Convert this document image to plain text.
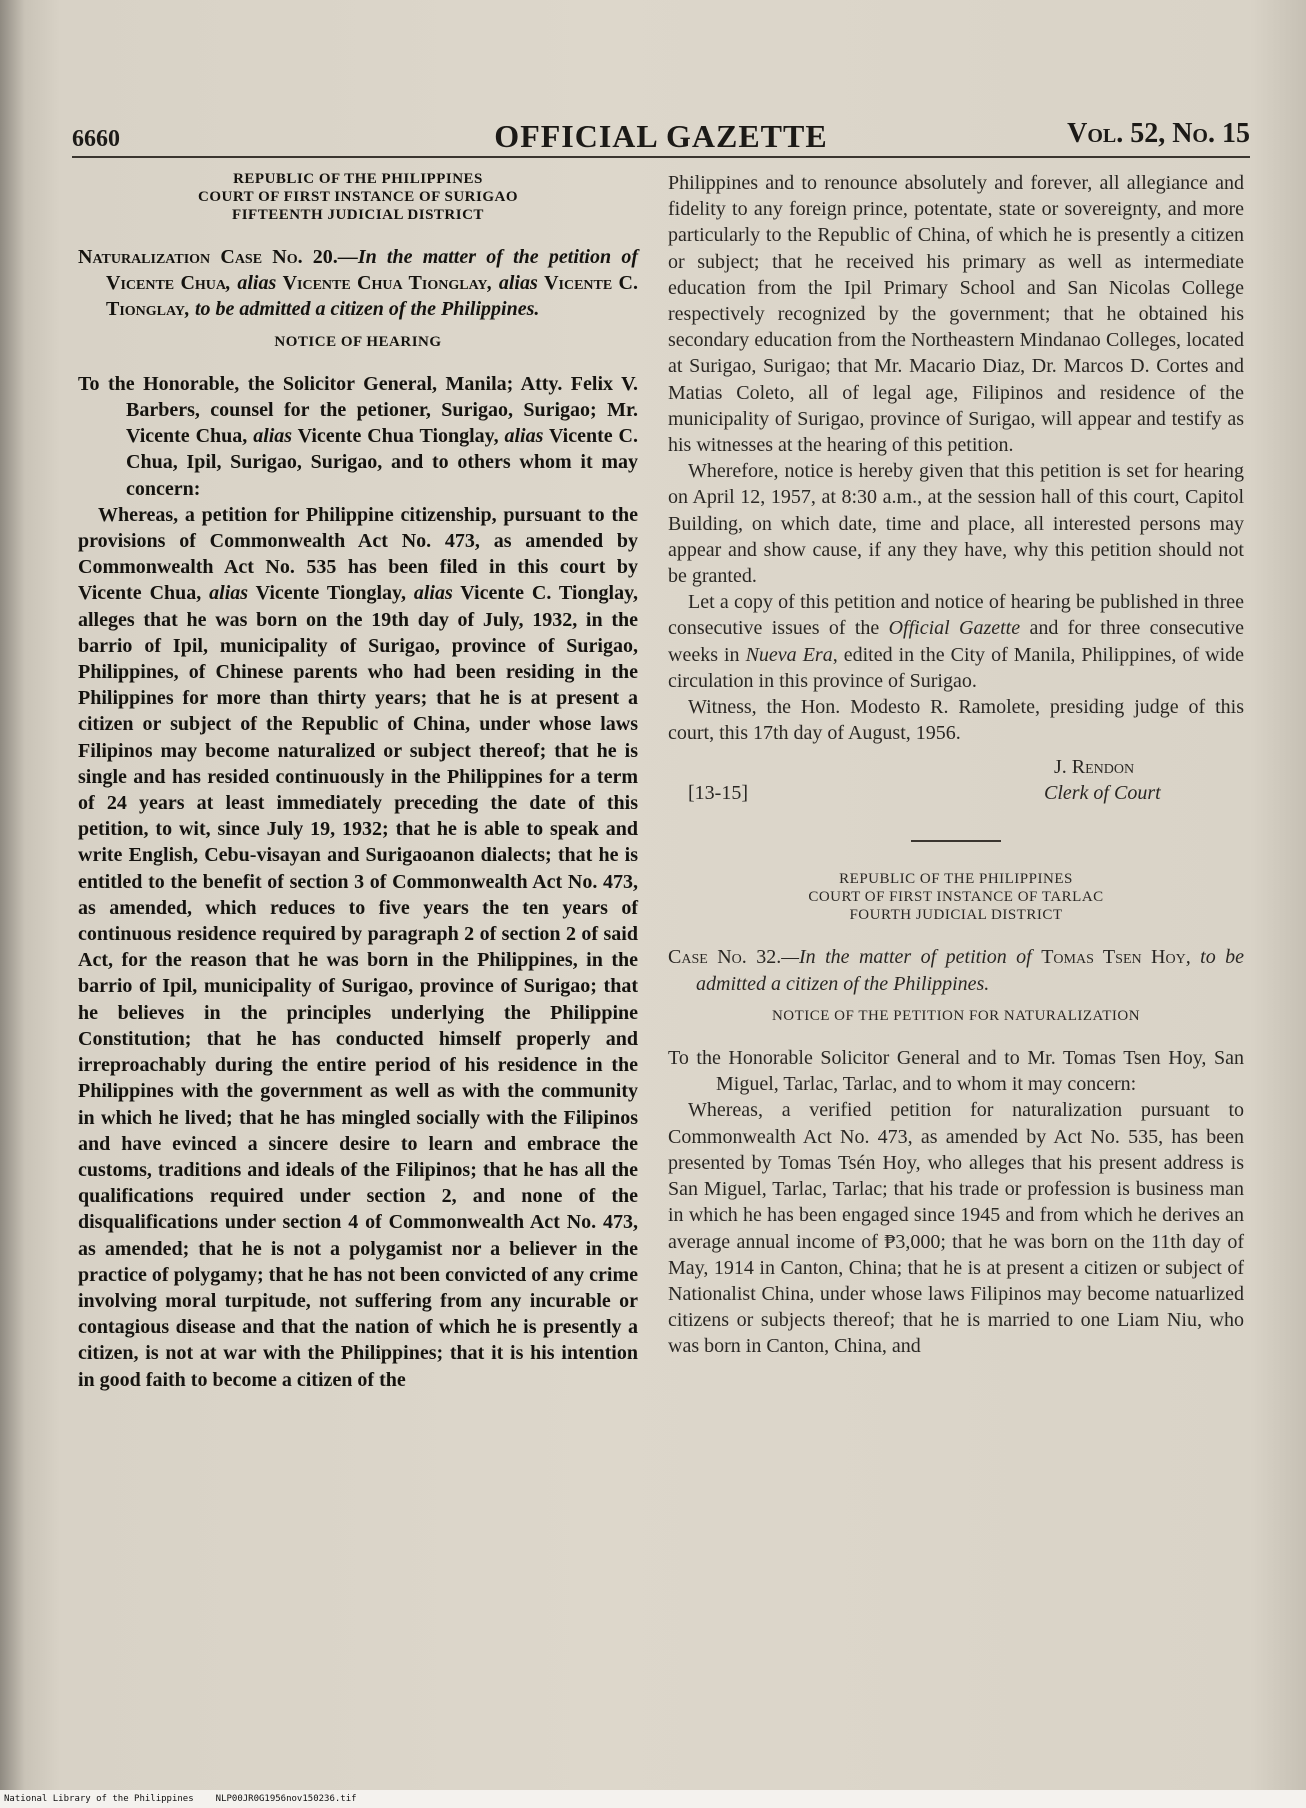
6660	OFFICIAL GAZETTE	Vol. 52, No. 15
REPUBLIC OF THE PHILIPPINES
COURT OF FIRST INSTANCE OF SURIGAO
FIFTEENTH JUDICIAL DISTRICT

Naturalization Case No. 20.—In the matter of the petition of Vicente Chua, alias Vicente Chua Tionglay, alias Vicente C. Tionglay, to be admitted a citizen of the Philippines.

NOTICE OF HEARING

To the Honorable, the Solicitor General, Manila; Atty. Felix V. Barbers, counsel for the petioner, Surigao, Surigao; Mr. Vicente Chua, alias Vicente Chua Tionglay, alias Vicente C. Chua, Ipil, Surigao, Surigao, and to others whom it may concern:

Whereas, a petition for Philippine citizenship, pursuant to the provisions of Commonwealth Act No. 473, as amended by Commonwealth Act No. 535 has been filed in this court by Vicente Chua, alias Vicente Tionglay, alias Vicente C. Tionglay, alleges that he was born on the 19th day of July, 1932, in the barrio of Ipil, municipality of Surigao, province of Surigao, Philippines, of Chinese parents who had been residing in the Philippines for more than thirty years; that he is at present a citizen or subject of the Republic of China, under whose laws Filipinos may become naturalized or subject thereof; that he is single and has resided continuously in the Philippines for a term of 24 years at least immediately preceding the date of this petition, to wit, since July 19, 1932; that he is able to speak and write English, Cebu-visayan and Surigaoanon dialects; that he is entitled to the benefit of section 3 of Commonwealth Act No. 473, as amended, which reduces to five years the ten years of continuous residence required by paragraph 2 of section 2 of said Act, for the reason that he was born in the Philippines, in the barrio of Ipil, municipality of Surigao, province of Surigao; that he believes in the principles underlying the Philippine Constitution; that he has conducted himself properly and irreproachably during the entire period of his residence in the Philippines with the government as well as with the community in which he lived; that he has mingled socially with the Filipinos and have evinced a sincere desire to learn and embrace the customs, traditions and ideals of the Filipinos; that he has all the qualifications required under section 2, and none of the disqualifications under section 4 of Commonwealth Act No. 473, as amended; that he is not a polygamist nor a believer in the practice of polygamy; that he has not been convicted of any crime involving moral turpitude, not suffering from any incurable or contagious disease and that the nation of which he is presently a citizen, is not at war with the Philippines; that it is his intention in good faith to become a citizen of the

Philippines and to renounce absolutely and forever, all allegiance and fidelity to any foreign prince, potentate, state or sovereignty, and more particularly to the Republic of China, of which he is presently a citizen or subject; that he received his primary as well as intermediate education from the Ipil Primary School and San Nicolas College respectively recognized by the government; that he obtained his secondary education from the Northeastern Mindanao Colleges, located at Surigao, Surigao; that Mr. Macario Diaz, Dr. Marcos D. Cortes and Matias Coleto, all of legal age, Filipinos and residence of the municipality of Surigao, province of Surigao, will appear and testify as his witnesses at the hearing of this petition.

Wherefore, notice is hereby given that this petition is set for hearing on April 12, 1957, at 8:30 a.m., at the session hall of this court, Capitol Building, on which date, time and place, all interested persons may appear and show cause, if any they have, why this petition should not be granted.

Let a copy of this petition and notice of hearing be published in three consecutive issues of the Official Gazette and for three consecutive weeks in Nueva Era, edited in the City of Manila, Philippines, of wide circulation in this province of Surigao.

Witness, the Hon. Modesto R. Ramolete, presiding judge of this court, this 17th day of August, 1956.

J. Rendon
[13-15]	Clerk of Court
REPUBLIC OF THE PHILIPPINES
COURT OF FIRST INSTANCE OF TARLAC
FOURTH JUDICIAL DISTRICT

Case No. 32.—In the matter of petition of Tomas Tsen Hoy, to be admitted a citizen of the Philippines.

NOTICE OF THE PETITION FOR NATURALIZATION

To the Honorable Solicitor General and to Mr. Tomas Tsen Hoy, San Miguel, Tarlac, Tarlac, and to whom it may concern:

Whereas, a verified petition for naturalization pursuant to Commonwealth Act No. 473, as amended by Act No. 535, has been presented by Tomas Tsén Hoy, who alleges that his present address is San Miguel, Tarlac, Tarlac; that his trade or profession is business man in which he has been engaged since 1945 and from which he derives an average annual income of ₱3,000; that he was born on the 11th day of May, 1914 in Canton, China; that he is at present a citizen or subject of Nationalist China, under whose laws Filipinos may become natuarlized citizens or subjects thereof; that he is married to one Liam Niu, who was born in Canton, China, and

National Library of the Philippines NLP00JR0G1956nov150236.tif
